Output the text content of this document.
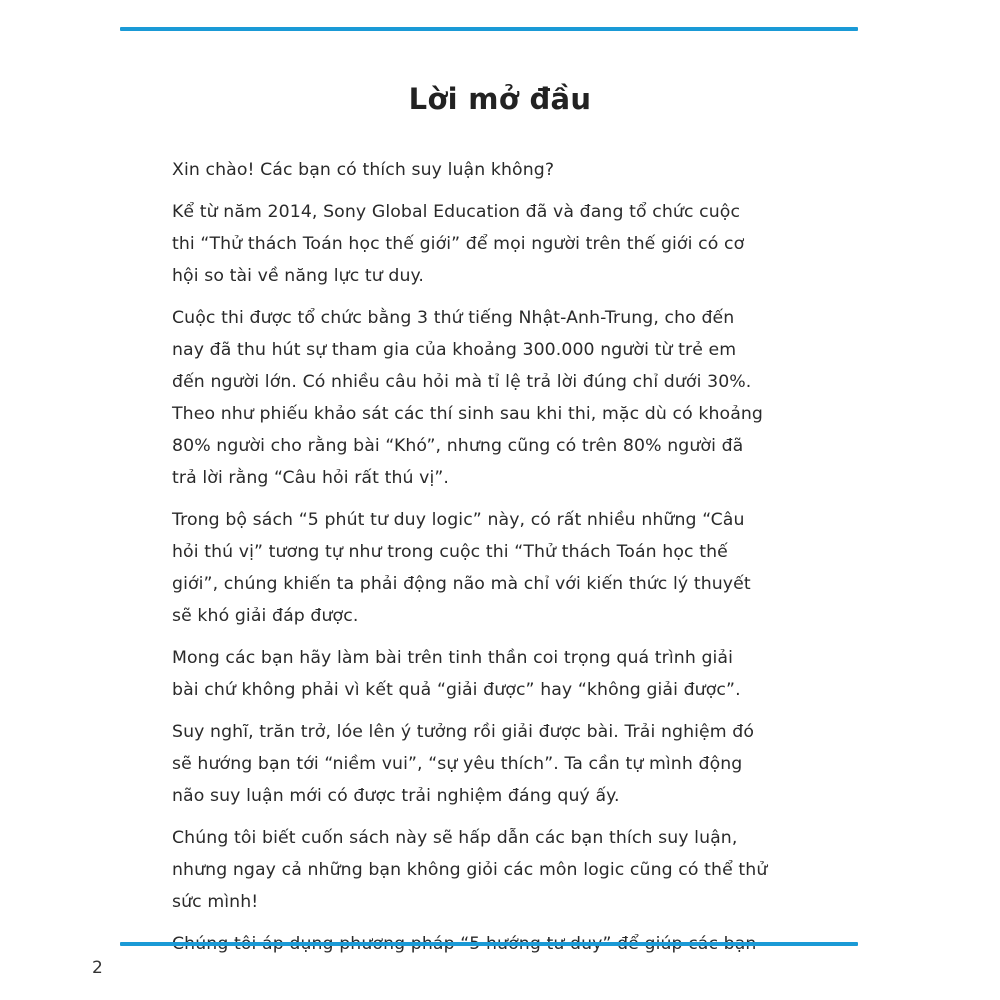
Lời mở đầu

Xin chào! Các bạn có thích suy luận không?

Kể từ năm 2014, Sony Global Education đã và đang tổ chức cuộc
thi “Thử thách Toán học thế giới” để mọi người trên thế giới có cơ
hội so tài về năng lực tư duy.

Cuộc thi được tổ chức bằng 3 thứ tiếng Nhật-Anh-Trung, cho đến
nay đã thu hút sự tham gia của khoảng 300.000 người từ trẻ em
đến người lớn. Có nhiều câu hỏi mà tỉ lệ trả lời đúng chỉ dưới 30%.
Theo như phiếu khảo sát các thí sinh sau khi thi, mặc dù có khoảng
80% người cho rằng bài “Khó”, nhưng cũng có trên 80% người đã
trả lời rằng “Câu hỏi rất thú vị”.

Trong bộ sách “5 phút tư duy logic” này, có rất nhiều những “Câu
hỏi thú vị” tương tự như trong cuộc thi “Thử thách Toán học thế
giới”, chúng khiến ta phải động não mà chỉ với kiến thức lý thuyết
sẽ khó giải đáp được.

Mong các bạn hãy làm bài trên tinh thần coi trọng quá trình giải
bài chứ không phải vì kết quả “giải được” hay “không giải được”.

Suy nghĩ, trăn trở, lóe lên ý tưởng rồi giải được bài. Trải nghiệm đó
sẽ hướng bạn tới “niềm vui”, “sự yêu thích”. Ta cần tự mình động
não suy luận mới có được trải nghiệm đáng quý ấy.

Chúng tôi biết cuốn sách này sẽ hấp dẫn các bạn thích suy luận,
nhưng ngay cả những bạn không giỏi các môn logic cũng có thể thử
sức mình!

2
